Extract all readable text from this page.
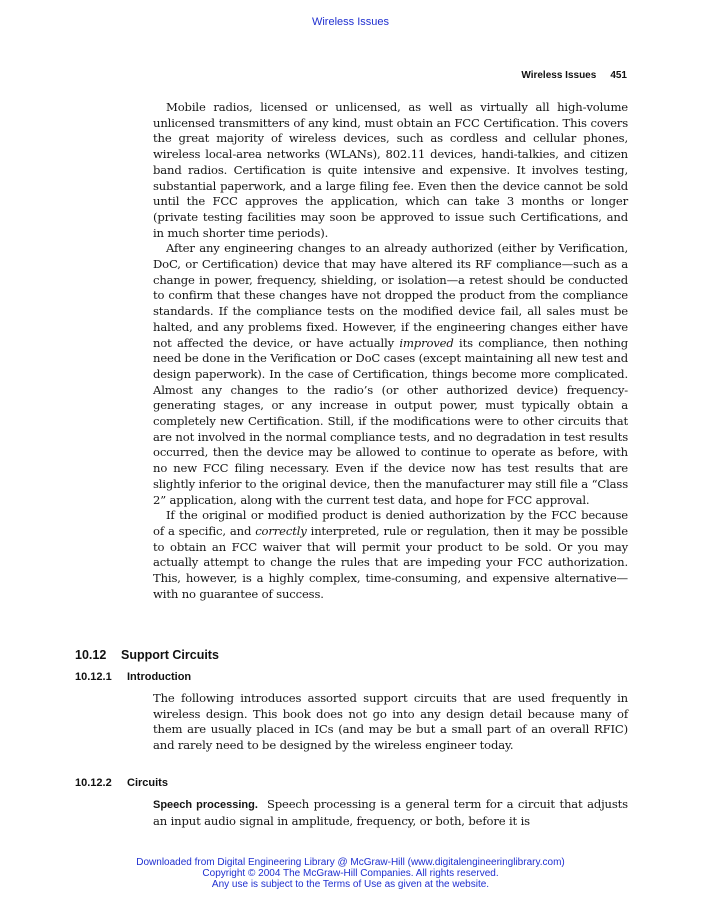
Wireless Issues
Wireless Issues 451

Mobile radios, licensed or unlicensed, as well as virtually all high-volume unlicensed transmitters of any kind, must obtain an FCC Certification. This covers the great majority of wireless devices, such as cordless and cellular phones, wireless local-area networks (WLANs), 802.11 devices, handi-talkies, and citizen band radios. Certification is quite intensive and expensive. It involves testing, substantial paperwork, and a large filing fee. Even then the device cannot be sold until the FCC approves the application, which can take 3 months or longer (private testing facilities may soon be approved to issue such Certifications, and in much shorter time periods).

After any engineering changes to an already authorized (either by Verification, DoC, or Certification) device that may have altered its RF compliance—such as a change in power, frequency, shielding, or isolation—a retest should be conducted to confirm that these changes have not dropped the product from the compliance standards. If the compliance tests on the modified device fail, all sales must be halted, and any problems fixed. However, if the engineering changes either have not affected the device, or have actually improved its compliance, then nothing need be done in the Verification or DoC cases (except maintaining all new test and design paperwork). In the case of Certification, things become more complicated. Almost any changes to the radio’s (or other authorized device) frequency-generating stages, or any increase in output power, must typically obtain a completely new Certification. Still, if the modifications were to other circuits that are not involved in the normal compliance tests, and no degradation in test results occurred, then the device may be allowed to continue to operate as before, with no new FCC filing necessary. Even if the device now has test results that are slightly inferior to the original device, then the manufacturer may still file a “Class 2” application, along with the current test data, and hope for FCC approval.

If the original or modified product is denied authorization by the FCC because of a specific, and correctly interpreted, rule or regulation, then it may be possible to obtain an FCC waiver that will permit your product to be sold. Or you may actually attempt to change the rules that are impeding your FCC authorization. This, however, is a highly complex, time-consuming, and expensive alternative—with no guarantee of success.

10.12 Support Circuits
10.12.1 Introduction

The following introduces assorted support circuits that are used frequently in wireless design. This book does not go into any design detail because many of them are usually placed in ICs (and may be but a small part of an overall RFIC) and rarely need to be designed by the wireless engineer today.

10.12.2 Circuits

Speech processing. Speech processing is a general term for a circuit that adjusts an input audio signal in amplitude, frequency, or both, before it is

Downloaded from Digital Engineering Library @ McGraw-Hill (www.digitalengineeringlibrary.com)
Copyright © 2004 The McGraw-Hill Companies. All rights reserved.
Any use is subject to the Terms of Use as given at the website.
